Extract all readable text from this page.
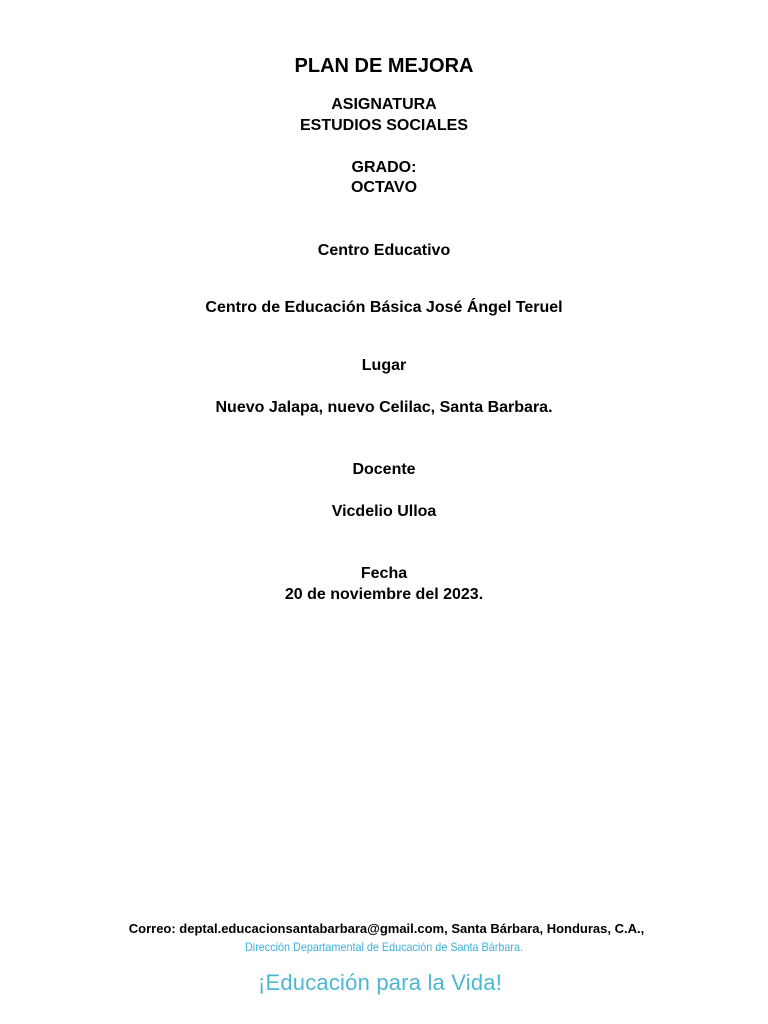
PLAN DE MEJORA

ASIGNATURA

ESTUDIOS SOCIALES

GRADO:

OCTAVO

Centro Educativo

Centro de Educación Básica José Ángel Teruel

Lugar

Nuevo Jalapa, nuevo Celilac, Santa Barbara.

Docente

Vicdelio Ulloa

Fecha

20 de noviembre del 2023.

Correo: deptal.educacionsantabarbara@gmail.com, Santa Bárbara, Honduras, C.A.,
Dirección Departamental de Educación de Santa Bárbara.
¡Educación para la Vida!
